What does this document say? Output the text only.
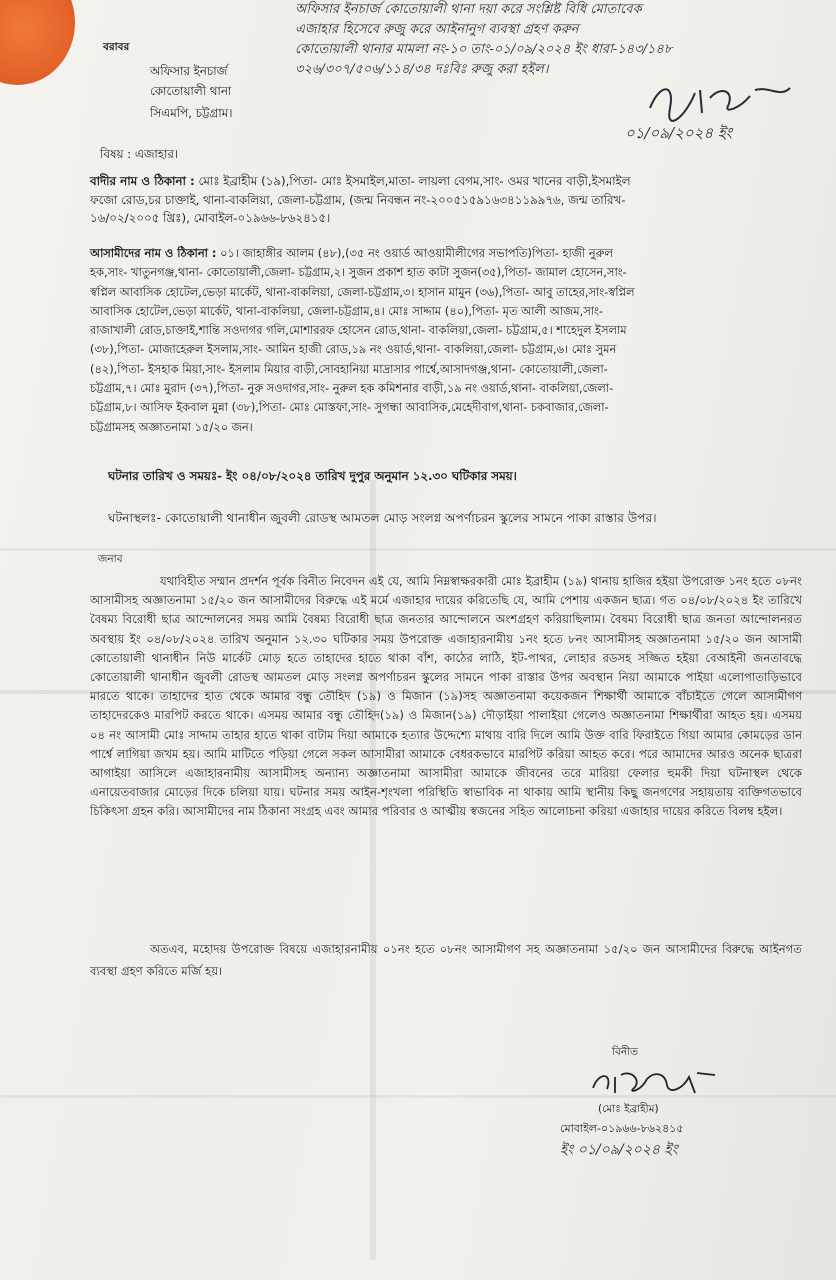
অফিসার ইনচার্জ কোতোয়ালী থানা দয়া করে সংশ্লিষ্ট বিধি মোতাবেক
এজাহার হিসেবে রুজু করে আইনানুগ ব্যবস্থা গ্রহণ করুন
কোতোয়ালী থানার মামলা নং-১০ তাং-০১/০৯/২০২৪ ইং ধারা-১৪৩/১৪৮
৩২৬/৩০৭/৫০৬/১১৪/৩৪ দঃবিঃ রুজু করা হইল।
০১/০৯/২০২৪ ইং
বরাবর
অফিসার ইনচার্জ
কোতোয়ালী থানা
সিএমপি, চট্টগ্রাম।
বিষয় : এজাহার।
বাদীর নাম ও ঠিকানা : মোঃ ইব্রাহীম (১৯),পিতা- মোঃ ইসমাইল,মাতা- লায়লা বেগম,সাং- ওমর খানের বাড়ী,ইসমাইল
ফজো রোড,চর চাক্তাই, থানা-বাকলিয়া, জেলা-চট্টগ্রাম, (জন্ম নিবন্ধন নং-২০০৫১৫৯১৬৩৪১১৯৯৭৬, জন্ম তারিখ-
১৬/০২/২০০৫ খ্রিঃ), মোবাইল-০১৯৬৬-৮৬২৪১৫।
আসামীদের নাম ও ঠিকানা : ০১। জাহাঙ্গীর আলম (৪৮),(৩৫ নং ওয়ার্ড আওয়ামীলীগের সভাপতি)পিতা- হাজী নুরুল
হক,সাং- খাতুনগঞ্জ,থানা- কোতোয়ালী,জেলা- চট্টগ্রাম,২। সুজন প্রকাশ হাত কাটা সুজন(৩৫),পিতা- জামাল হোসেন,সাং-
স্বপ্নিল আবাসিক হোটেল,ভেড়া মার্কেট, থানা-বাকলিয়া, জেলা-চট্টগ্রাম,৩। হাসান মামুন (৩৬),পিতা- আবু তাহের,সাং-স্বপ্নিল
আবাসিক হোটেল,ভেড়া মার্কেট, থানা-বাকলিয়া, জেলা-চট্টগ্রাম,৪। মোঃ সাদ্দাম (৪০),পিতা- মৃত আলী আজম,সাং-
রাজাখালী রোড,চাক্তাই,শান্তি সওদাগর গলি,মোশাররফ হোসেন রোড,থানা- বাকলিয়া,জেলা- চট্টগ্রাম,৫। শাহেদুল ইসলাম
(৩৮),পিতা- মোজাহেরুল ইসলাম,সাং- আমিন হাজী রোড,১৯ নং ওয়ার্ড,থানা- বাকলিয়া,জেলা- চট্টগ্রাম,৬। মোঃ সুমন
(৪২),পিতা- ইসহাক মিয়া,সাং- ইসলাম মিয়ার বাড়ী,সোবহানিয়া মাদ্রাসার পার্শ্বে,আসাদগঞ্জ,থানা- কোতোয়ালী,জেলা-
চট্টগ্রাম,৭। মোঃ মুরাদ (৩৭),পিতা- নুরু সওদাগর,সাং- নুরুল হক কমিশনার বাড়ী,১৯ নং ওয়ার্ড,থানা- বাকলিয়া,জেলা-
চট্টগ্রাম,৮। আসিফ ইকবাল মুন্না (৩৮),পিতা- মোঃ মোস্তফা,সাং- সুগন্ধা আবাসিক,মেহেদীবাগ,থানা- চকবাজার,জেলা-
চট্টগ্রামসহ অজ্ঞাতনামা ১৫/২০ জন।
ঘটনার তারিখ ও সময়ঃ- ইং ০৪/০৮/২০২৪ তারিখ দুপুর অনুমান ১২.৩০ ঘটিকার সময়।
ঘটনাস্থলঃ- কোতোয়ালী থানাধীন জুবলী রোডস্থ আমতল মোড় সংলগ্ন অপর্ণাচরন স্কুলের সামনে পাকা রাস্তার উপর।
জনাব
যথাবিহীত সম্মান প্রদর্শন পূর্বক বিনীত নিবেদন এই যে, আমি নিম্নস্বাক্ষরকারী মোঃ ইব্রাহীম (১৯) থানায় হাজির হইয়া উপরোক্ত ১নং হতে ০৮নং আসামীসহ অজ্ঞাতনামা ১৫/২০ জন আসামীদের বিরুদ্ধে এই মর্মে এজাহার দায়ের করিতেছি যে, আমি পেশায় একজন ছাত্র। গত ০৪/০৮/২০২৪ ইং তারিখে বৈষম্য বিরোধী ছাত্র আন্দোলনের সময় আমি বৈষম্য বিরোধী ছাত্র জনতার আন্দোলনে অংশগ্রহণ করিয়াছিলাম। বৈষম্য বিরোধী ছাত্র জনতা আন্দোলনরত অবস্থায় ইং ০৪/০৮/২০২৪ তারিখ অনুমান ১২.৩০ ঘটিকার সময় উপরোক্ত এজাহারনামীয় ১নং হতে ৮নং আসামীসহ অজ্ঞাতনামা ১৫/২০ জন আসামী কোতোয়ালী থানাধীন নিউ মার্কেট মোড় হতে তাহাদের হাতে থাকা বাঁশ, কাঠের লাঠি, ইট-পাথর, লোহার রডসহ সজ্জিত হইয়া বেআইনী জনতাবদ্ধে কোতোয়ালী থানাধীন জুবলী রোডস্থ আমতল মোড় সংলগ্ন অপর্ণাচরন স্কুলের সামনে পাকা রাস্তার উপর অবস্থান নিয়া আমাকে পাইয়া এলোপাতাড়িভাবে মারতে থাকে। তাহাদের হাত থেকে আমার বন্ধু তৌহিদ (১৯) ও মিজান (১৯)সহ অজ্ঞাতনামা কয়েকজন শিক্ষার্থী আমাকে বাঁচাইতে গেলে আসামীগণ তাহাদেরকেও মারপিট করতে থাকে। এসময় আমার বন্ধু তৌহিদ(১৯) ও মিজান(১৯) দৌড়াইয়া পালাইয়া গেলেও অজ্ঞাতনামা শিক্ষার্থীরা আহত হয়। এসময় ০৪ নং আসামী মোঃ সাদ্দাম তাহার হাতে থাকা বাটাম দিয়া আমাকে হত্যার উদ্দেশ্যে মাথায় বারি দিলে আমি উক্ত বারি ফিরাইতে গিয়া আমার কোমড়ের ডান পার্শ্বে লাগিয়া জখম হয়। আমি মাটিতে পড়িয়া গেলে সকল আসামীরা আমাকে বেধরকভাবে মারপিট করিয়া আহত করে। পরে আমাদের আরও অনেক ছাত্ররা আগাইয়া আসিলে এজাহারনামীয় আসামীসহ অন্যান্য অজ্ঞাতনামা আসামীরা আমাকে জীবনের তরে মারিয়া ফেলার হুমকী দিয়া ঘটনাস্থল থেকে এনায়েতবাজার মোড়ের দিকে চলিয়া যায়। ঘটনার সময় আইন-শৃংখলা পরিস্থিতি স্বাভাবিক না থাকায় আমি স্থানীয় কিছু জনগণের সহায়তায় ব্যক্তিগতভাবে চিকিৎসা গ্রহন করি। আসামীদের নাম ঠিকানা সংগ্রহ এবং আমার পরিবার ও আত্মীয় স্বজনের সহিত আলোচনা করিয়া এজাহার দায়ের করিতে বিলম্ব হইল।
অতএব, মহোদয় উপরোক্ত বিষয়ে এজাহারনামীয় ০১নং হতে ০৮নং আসামীগণ সহ অজ্ঞাতনামা ১৫/২০ জন আসামীদের বিরুদ্ধে আইনগত ব্যবস্থা গ্রহণ করিতে মর্জি হয়।
বিনীত
(মোঃ ইব্রাহীম)
মোবাইল-০১৯৬৬-৮৬২৪১৫
ইং ০১/০৯/২০২৪ ইং
